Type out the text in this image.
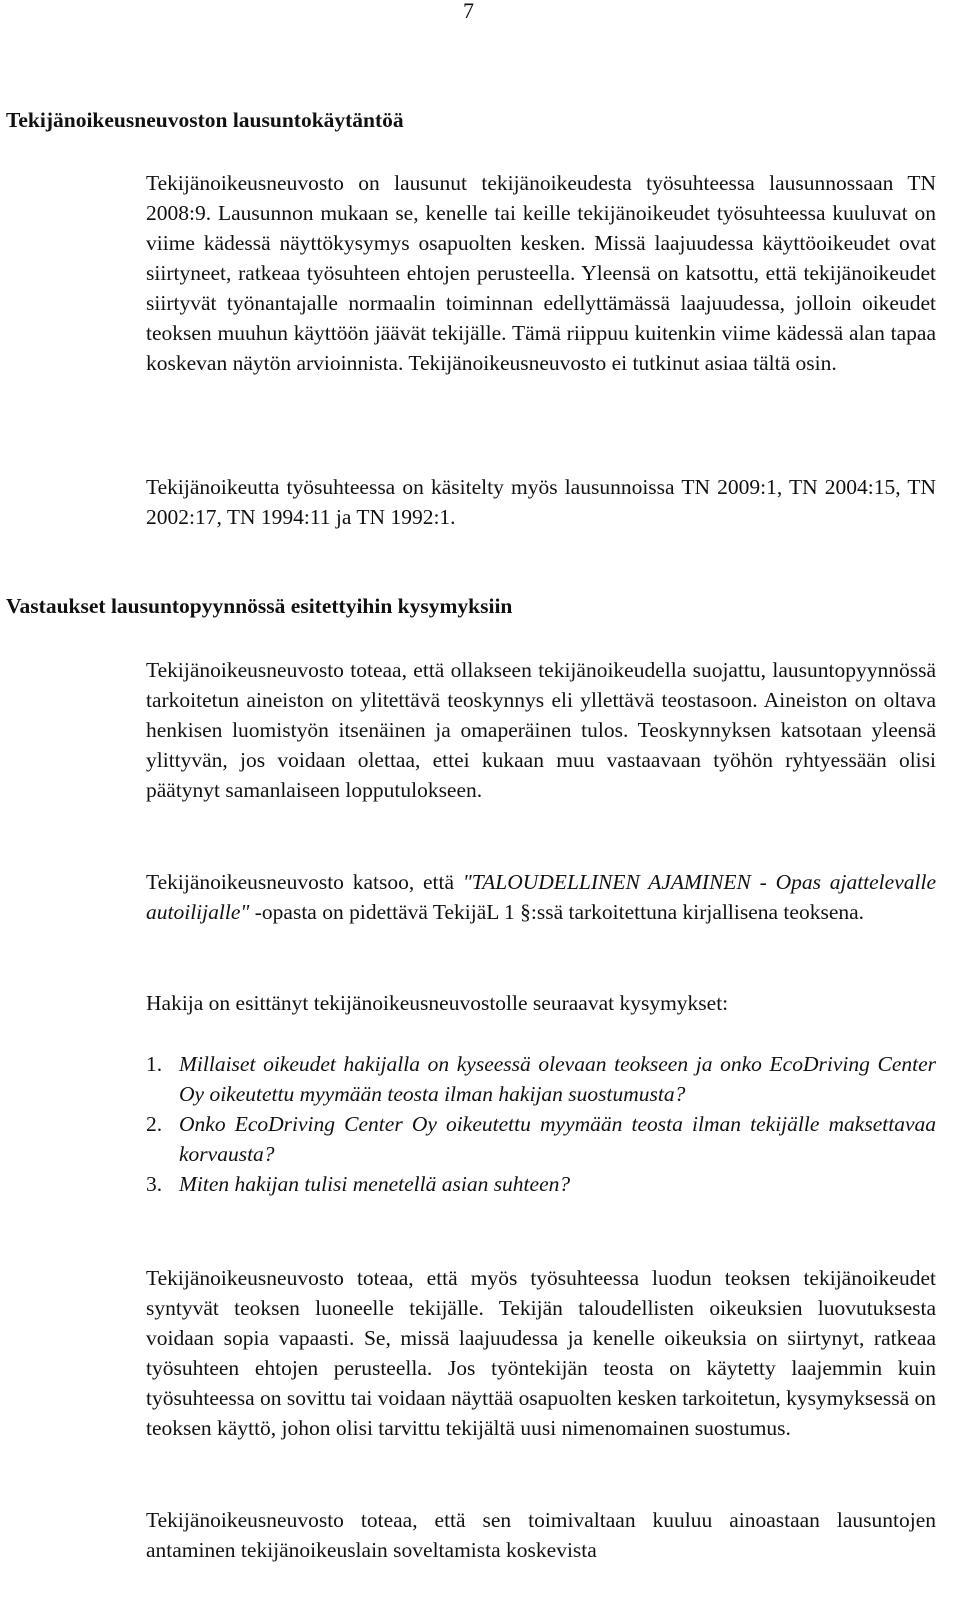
7
Tekijänoikeusneuvoston lausuntokäytäntöä
Tekijänoikeusneuvosto on lausunut tekijänoikeudesta työsuhteessa lausunnossaan TN 2008:9. Lausunnon mukaan se, kenelle tai keille tekijänoikeudet työsuhteessa kuuluvat on viime kädessä näyttökysymys osapuolten kesken. Missä laajuudessa käyttöoikeudet ovat siirtyneet, ratkeaa työsuhteen ehtojen perusteella. Yleensä on katsottu, että tekijänoikeudet siirtyvät työnantajalle normaalin toiminnan edellyttämässä laajuudessa, jolloin oikeudet teoksen muuhun käyttöön jäävät tekijälle. Tämä riippuu kuitenkin viime kädessä alan tapaa koskevan näytön arvioinnista. Tekijänoikeusneuvosto ei tutkinut asiaa tältä osin.
Tekijänoikeutta työsuhteessa on käsitelty myös lausunnoissa TN 2009:1, TN 2004:15, TN 2002:17, TN 1994:11 ja TN 1992:1.
Vastaukset lausuntopyynnössä esitettyihin kysymyksiin
Tekijänoikeusneuvosto toteaa, että ollakseen tekijänoikeudella suojattu, lausuntopyynnössä tarkoitetun aineiston on ylitettävä teoskynnys eli yllettävä teostasoon. Aineiston on oltava henkisen luomistyön itsenäinen ja omaperäinen tulos. Teoskynnyksen katsotaan yleensä ylittyvän, jos voidaan olettaa, ettei kukaan muu vastaavaan työhön ryhtyessään olisi päätynyt samanlaiseen lopputulokseen.
Tekijänoikeusneuvosto katsoo, että "TALOUDELLINEN AJAMINEN - Opas ajattelevalle autoilijalle" -opasta on pidettävä TekijäL 1 §:ssä tarkoitettuna kirjallisena teoksena.
Hakija on esittänyt tekijänoikeusneuvostolle seuraavat kysymykset:
1. Millaiset oikeudet hakijalla on kyseessä olevaan teokseen ja onko EcoDriving Center Oy oikeutettu myymään teosta ilman hakijan suostumusta?
2. Onko EcoDriving Center Oy oikeutettu myymään teosta ilman tekijälle maksettavaa korvausta?
3. Miten hakijan tulisi menetellä asian suhteen?
Tekijänoikeusneuvosto toteaa, että myös työsuhteessa luodun teoksen tekijänoikeudet syntyvät teoksen luoneelle tekijälle. Tekijän taloudellisten oikeuksien luovutuksesta voidaan sopia vapaasti. Se, missä laajuudessa ja kenelle oikeuksia on siirtynyt, ratkeaa työsuhteen ehtojen perusteella. Jos työntekijän teosta on käytetty laajemmin kuin työsuhteessa on sovittu tai voidaan näyttää osapuolten kesken tarkoitetun, kysymyksessä on teoksen käyttö, johon olisi tarvittu tekijältä uusi nimenomainen suostumus.
Tekijänoikeusneuvosto toteaa, että sen toimivaltaan kuuluu ainoastaan lausuntojen antaminen tekijänoikeuslain soveltamista koskevista
